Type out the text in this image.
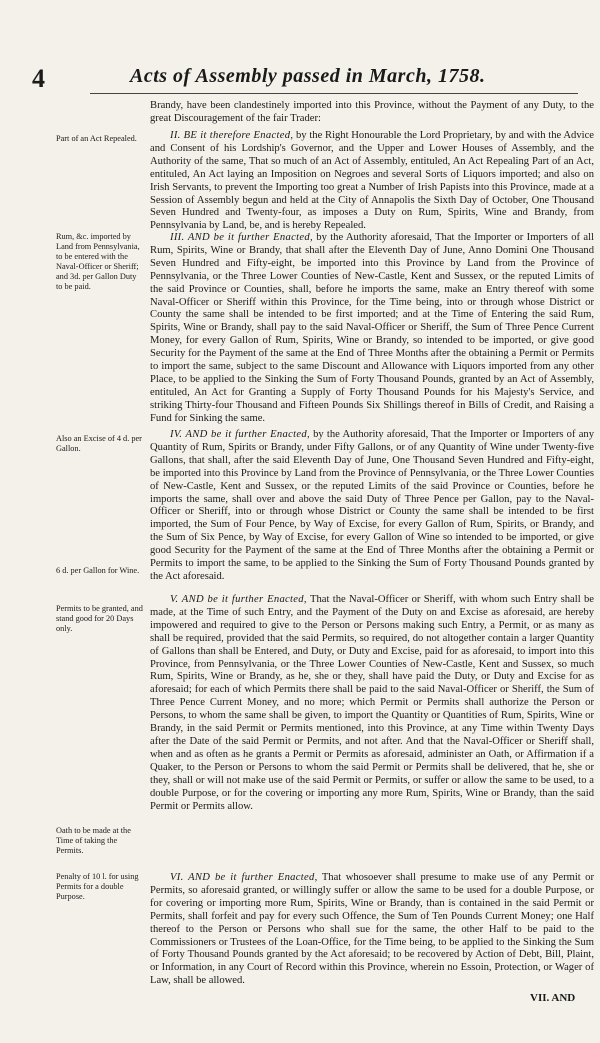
4	Acts of Assembly passed in March, 1758.

Brandy, have been clandestinely imported into this Province, without the Payment of any Duty, to the great Discouragement of the fair Trader:

II. BE it therefore Enacted, by the Right Honourable the Lord Proprietary, by and with the Advice and Consent of his Lordship's Governor, and the Upper and Lower Houses of Assembly, and the Authority of the same, That so much of an Act of Assembly, entituled, An Act Repealing Part of an Act, entituled, An Act laying an Imposition on Negroes and several Sorts of Liquors imported; and also on Irish Servants, to prevent the Importing too great a Number of Irish Papists into this Province, made at a Session of Assembly begun and held at the City of Annapolis the Sixth Day of October, One Thousand Seven Hundred and Twenty-four, as imposes a Duty on Rum, Spirits, Wine and Brandy, from Pennsylvania by Land, be, and is hereby Repealed.

Part of an Act Repealed.

III. AND be it further Enacted, by the Authority aforesaid, That the Importer or Importers of all Rum, Spirits, Wine or Brandy, that shall after the Eleventh Day of June, Anno Domini One Thousand Seven Hundred and Fifty-eight, be imported into this Province by Land from the Province of Pennsylvania, or the Three Lower Counties of New-Castle, Kent and Sussex, or the reputed Limits of the said Province or Counties, shall, before he imports the same, make an Entry thereof with some Naval-Officer or Sheriff within this Province, for the Time being, into or through whose District or County the same shall be intended to be first imported; and at the Time of Entering the said Rum, Spirits, Wine or Brandy, shall pay to the said Naval-Officer or Sheriff, the Sum of Three Pence Current Money, for every Gallon of Rum, Spirits, Wine or Brandy, so intended to be imported, or give good Security for the Payment of the same at the End of Three Months after the obtaining a Permit or Permits to import the same, subject to the same Discount and Allowance with Liquors imported from any other Place, to be applied to the Sinking the Sum of Forty Thousand Pounds, granted by an Act of Assembly, entituled, An Act for Granting a Supply of Forty Thousand Pounds for his Majesty's Service, and striking Thirty-four Thousand and Fifteen Pounds Six Shillings thereof in Bills of Credit, and Raising a Fund for Sinking the same.

Rum, &c. imported by Land from Pennsylvania, to be entered with the Naval-Officer or Sheriff; and 3d. per Gallon Duty to be paid.

IV. AND be it further Enacted, by the Authority aforesaid, That the Importer or Importers of any Quantity of Rum, Spirits or Brandy, under Fifty Gallons, or of any Quantity of Wine under Twenty-five Gallons, that shall, after the said Eleventh Day of June, One Thousand Seven Hundred and Fifty-eight, be imported into this Province by Land from the Province of Pennsylvania, or the Three Lower Counties of New-Castle, Kent and Sussex, or the reputed Limits of the said Province or Counties, before he imports the same, shall over and above the said Duty of Three Pence per Gallon, pay to the Naval-Officer or Sheriff, into or through whose District or County the same shall be intended to be first imported, the Sum of Four Pence, by Way of Excise, for every Gallon of Rum, Spirits, or Brandy, and the Sum of Six Pence, by Way of Excise, for every Gallon of Wine so intended to be imported, or give good Security for the Payment of the same at the End of Three Months after the obtaining a Permit or Permits to import the same, to be applied to the Sinking the Sum of Forty Thousand Pounds granted by the Act aforesaid.

Also an Excise of 4 d. per Gallon.

6 d. per Gallon for Wine.

V. AND be it further Enacted, That the Naval-Officer or Sheriff, with whom such Entry shall be made, at the Time of such Entry, and the Payment of the Duty on and Excise as aforesaid, are hereby impowered and required to give to the Person or Persons making such Entry, a Permit, or as many as shall be required, provided that the said Permits, so required, do not altogether contain a larger Quantity of Gallons than shall be Entered, and Duty, or Duty and Excise, paid for as aforesaid, to import into this Province, from Pennsylvania, or the Three Lower Counties of New-Castle, Kent and Sussex, so much Rum, Spirits, Wine or Brandy, as he, she or they, shall have paid the Duty, or Duty and Excise for as aforesaid; for each of which Permits there shall be paid to the said Naval-Officer or Sheriff, the Sum of Three Pence Current Money, and no more; which Permit or Permits shall authorize the Person or Persons, to whom the same shall be given, to import the Quantity or Quantities of Rum, Spirits, Wine or Brandy, in the said Permit or Permits mentioned, into this Province, at any Time within Twenty Days after the Date of the said Permit or Permits, and not after. And that the Naval-Officer or Sheriff shall, when and as often as he grants a Permit or Permits as aforesaid, administer an Oath, or Affirmation if a Quaker, to the Person or Persons to whom the said Permit or Permits shall be delivered, that he, she or they, shall or will not make use of the said Permit or Permits, or suffer or allow the same to be used, to a double Purpose, or for the covering or importing any more Rum, Spirits, Wine or Brandy, than the said Permit or Permits allow.

Permits to be granted, and stand good for 20 Days only.

Oath to be made at the Time of taking the Permits.

VI. AND be it further Enacted, That whosoever shall presume to make use of any Permit or Permits, so aforesaid granted, or willingly suffer or allow the same to be used for a double Purpose, or for covering or importing more Rum, Spirits, Wine or Brandy, than is contained in the said Permit or Permits, shall forfeit and pay for every such Offence, the Sum of Ten Pounds Current Money; one Half thereof to the Person or Persons who shall sue for the same, the other Half to be paid to the Commissioners or Trustees of the Loan-Office, for the Time being, to be applied to the Sinking the Sum of Forty Thousand Pounds granted by the Act aforesaid; to be recovered by Action of Debt, Bill, Plaint, or Information, in any Court of Record within this Province, wherein no Essoin, Protection, or Wager of Law, shall be allowed.

Penalty of 10 l. for using Permits for a double Purpose.

VII. AND
